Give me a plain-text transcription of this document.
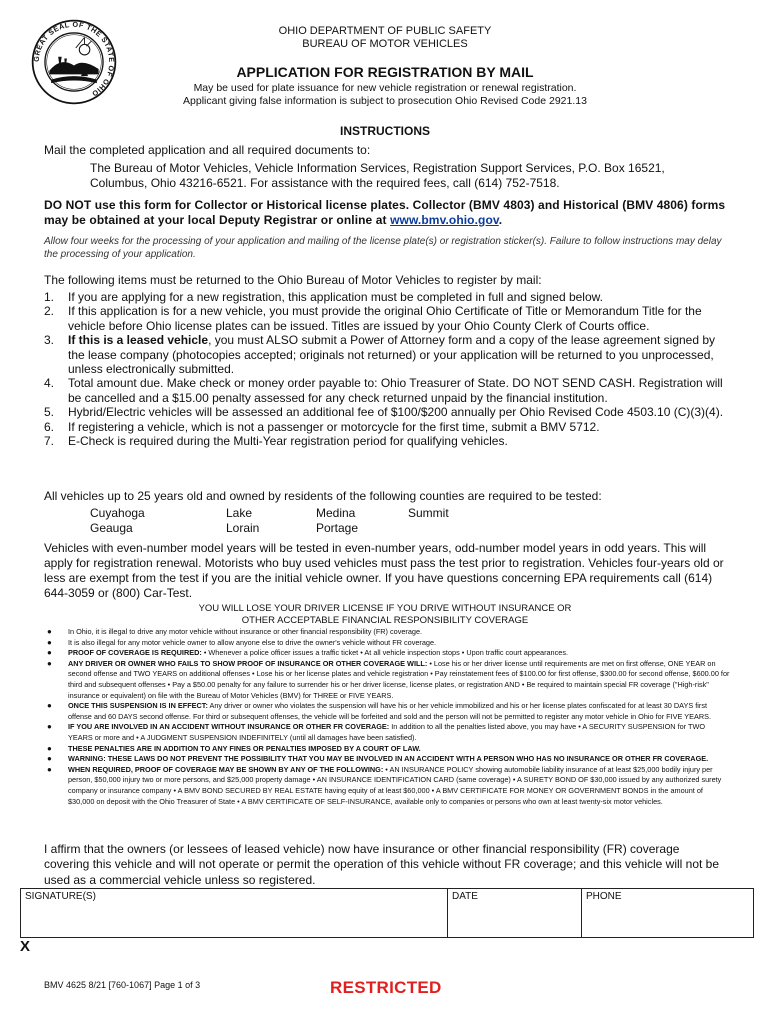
GREAT SEAL OF THE STATE OF OHIO
OHIO DEPARTMENT OF PUBLIC SAFETY
BUREAU OF MOTOR VEHICLES
APPLICATION FOR REGISTRATION BY MAIL
May be used for plate issuance for new vehicle registration or renewal registration.
Applicant giving false information is subject to prosecution Ohio Revised Code 2921.13
INSTRUCTIONS
Mail the completed application and all required documents to:
The Bureau of Motor Vehicles, Vehicle Information Services, Registration Support Services, P.O. Box 16521, Columbus, Ohio 43216-6521. For assistance with the required fees, call (614) 752-7518.
DO NOT use this form for Collector or Historical license plates. Collector (BMV 4803) and Historical (BMV 4806) forms may be obtained at your local Deputy Registrar or online at www.bmv.ohio.gov.
Allow four weeks for the processing of your application and mailing of the license plate(s) or registration sticker(s). Failure to follow instructions may delay the processing of your application.
The following items must be returned to the Ohio Bureau of Motor Vehicles to register by mail:
1. If you are applying for a new registration, this application must be completed in full and signed below.
2. If this application is for a new vehicle, you must provide the original Ohio Certificate of Title or Memorandum Title for the vehicle before Ohio license plates can be issued. Titles are issued by your Ohio County Clerk of Courts office.
3. If this is a leased vehicle, you must ALSO submit a Power of Attorney form and a copy of the lease agreement signed by the lease company (photocopies accepted; originals not returned) or your application will be returned to you unprocessed, unless electronically submitted.
4. Total amount due. Make check or money order payable to: Ohio Treasurer of State. DO NOT SEND CASH. Registration will be cancelled and a $15.00 penalty assessed for any check returned unpaid by the financial institution.
5. Hybrid/Electric vehicles will be assessed an additional fee of $100/$200 annually per Ohio Revised Code 4503.10 (C)(3)(4).
6. If registering a vehicle, which is not a passenger or motorcycle for the first time, submit a BMV 5712.
7. E-Check is required during the Multi-Year registration period for qualifying vehicles.
All vehicles up to 25 years old and owned by residents of the following counties are required to be tested:
Cuyahoga	Lake	Medina	Summit
Geauga	Lorain	Portage
Vehicles with even-number model years will be tested in even-number years, odd-number model years in odd years. This will apply for registration renewal. Motorists who buy used vehicles must pass the test prior to registration. Vehicles four-years old or less are exempt from the test if you are the initial vehicle owner. If you have questions concerning EPA requirements call (614) 644-3059 or (800) Car-Test.
YOU WILL LOSE YOUR DRIVER LICENSE IF YOU DRIVE WITHOUT INSURANCE OR
OTHER ACCEPTABLE FINANCIAL RESPONSIBILITY COVERAGE
● In Ohio, it is illegal to drive any motor vehicle without insurance or other financial responsibility (FR) coverage.
● It is also illegal for any motor vehicle owner to allow anyone else to drive the owner's vehicle without FR coverage.
● PROOF OF COVERAGE IS REQUIRED: • Whenever a police officer issues a traffic ticket • At all vehicle inspection stops • Upon traffic court appearances.
● ANY DRIVER OR OWNER WHO FAILS TO SHOW PROOF OF INSURANCE OR OTHER COVERAGE WILL: • Lose his or her driver license until requirements are met on first offense, ONE YEAR on second offense and TWO YEARS on additional offenses • Lose his or her license plates and vehicle registration • Pay reinstatement fees of $100.00 for first offense, $300.00 for second offense, $600.00 for third and subsequent offenses • Pay a $50.00 penalty for any failure to surrender his or her driver license, license plates, or registration AND • Be required to maintain special FR coverage ("High-risk" insurance or equivalent) on file with the Bureau of Motor Vehicles (BMV) for THREE or FIVE YEARS.
● ONCE THIS SUSPENSION IS IN EFFECT: Any driver or owner who violates the suspension will have his or her vehicle immobilized and his or her license plates confiscated for at least 30 DAYS first offense and 60 DAYS second offense. For third or subsequent offenses, the vehicle will be forfeited and sold and the person will not be permitted to register any motor vehicle in Ohio for FIVE YEARS.
● IF YOU ARE INVOLVED IN AN ACCIDENT WITHOUT INSURANCE OR OTHER FR COVERAGE: In addition to all the penalties listed above, you may have • A SECURITY SUSPENSION for TWO YEARS or more and • A JUDGMENT SUSPENSION INDEFINITELY (until all damages have been satisfied).
● THESE PENALTIES ARE IN ADDITION TO ANY FINES OR PENALTIES IMPOSED BY A COURT OF LAW.
● WARNING: THESE LAWS DO NOT PREVENT THE POSSIBILITY THAT YOU MAY BE INVOLVED IN AN ACCIDENT WITH A PERSON WHO HAS NO INSURANCE OR OTHER FR COVERAGE.
● WHEN REQUIRED, PROOF OF COVERAGE MAY BE SHOWN BY ANY OF THE FOLLOWING: • AN INSURANCE POLICY showing automobile liability insurance of at least $25,000 bodily injury per person, $50,000 injury two or more persons, and $25,000 property damage • AN INSURANCE IDENTIFICATION CARD (same coverage) • A SURETY BOND OF $30,000 issued by any authorized surety company or insurance company • A BMV BOND SECURED BY REAL ESTATE having equity of at least $60,000 • A BMV CERTIFICATE FOR MONEY OR GOVERNMENT BONDS in the amount of $30,000 on deposit with the Ohio Treasurer of State • A BMV CERTIFICATE OF SELF-INSURANCE, available only to companies or persons who own at least twenty-six motor vehicles.
I affirm that the owners (or lessees of leased vehicle) now have insurance or other financial responsibility (FR) coverage covering this vehicle and will not operate or permit the operation of this vehicle without FR coverage; and this vehicle will not be used as a commercial vehicle unless so registered.
SIGNATURE(S)	DATE	PHONE
X
BMV 4625 8/21 [760-1067] Page 1 of 3	RESTRICTED
